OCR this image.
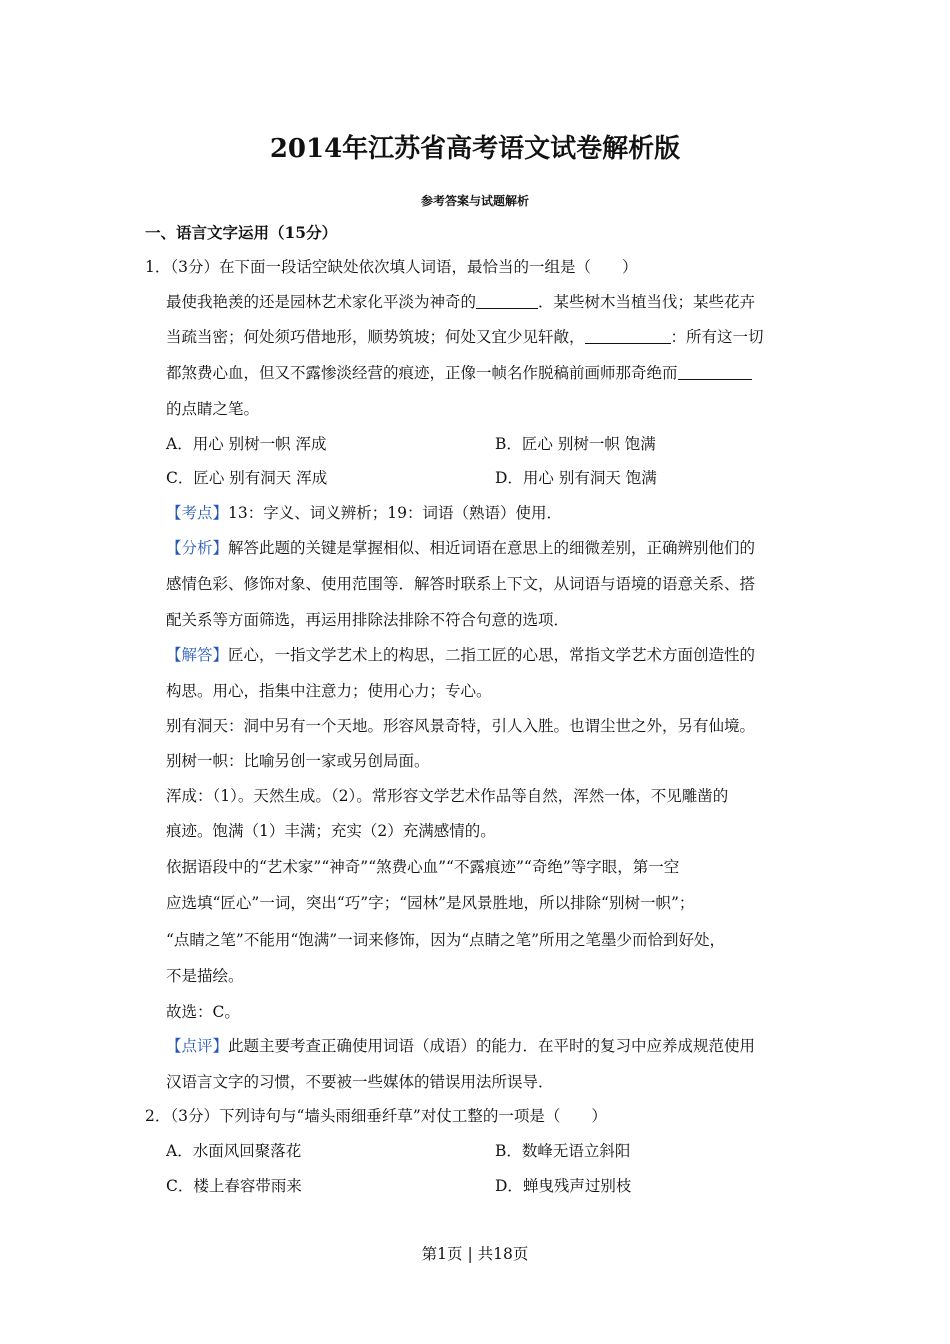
2014年江苏省高考语文试卷解析版
参考答案与试题解析
一、语言文字运用（15分）
1．（3分）在下面一段话空缺处依次填人词语，最恰当的一组是（　　）
最使我艳羡的还是园林艺术家化平淡为神奇的	．某些树木当植当伐；某些花卉
当疏当密；何处须巧借地形，顺势筑坡；何处又宜少见轩敞，	：所有这一切
都煞费心血，但又不露惨淡经营的痕迹，正像一帧名作脱稿前画师那奇绝而
的点睛之笔。
A．用心 别树一帜 浑成	B．匠心 别树一帜 饱满
C．匠心 别有洞天 浑成	D．用心 别有洞天 饱满
【考点】13：字义、词义辨析；19：词语（熟语）使用．
【分析】解答此题的关键是掌握相似、相近词语在意思上的细微差别，正确辨别他们的
感情色彩、修饰对象、使用范围等．解答时联系上下文，从词语与语境的语意关系、搭
配关系等方面筛选，再运用排除法排除不符合句意的选项．
【解答】匠心，一指文学艺术上的构思，二指工匠的心思，常指文学艺术方面创造性的
构思。用心，指集中注意力；使用心力；专心。
别有洞天：洞中另有一个天地。形容风景奇特，引人入胜。也谓尘世之外，另有仙境。
别树一帜：比喻另创一家或另创局面。
浑成：（1）。天然生成。（2）。常形容文学艺术作品等自然，浑然一体，不见雕凿的
痕迹。饱满（1）丰满；充实（2）充满感情的。
依据语段中的“艺术家”“神奇”“煞费心血”“不露痕迹”“奇绝”等字眼，第一空
应选填“匠心”一词，突出“巧”字；“园林”是风景胜地，所以排除“别树一帜”；
“点睛之笔”不能用“饱满”一词来修饰，因为“点睛之笔”所用之笔墨少而恰到好处，
不是描绘。
故选：C。
【点评】此题主要考查正确使用词语（成语）的能力．在平时的复习中应养成规范使用
汉语言文字的习惯，不要被一些媒体的错误用法所误导．
2．（3分）下列诗句与“墙头雨细垂纤草”对仗工整的一项是（　　）
A．水面风回聚落花	B．数峰无语立斜阳
C．楼上春容带雨来	D．蝉曳残声过别枝
第1页 | 共18页
